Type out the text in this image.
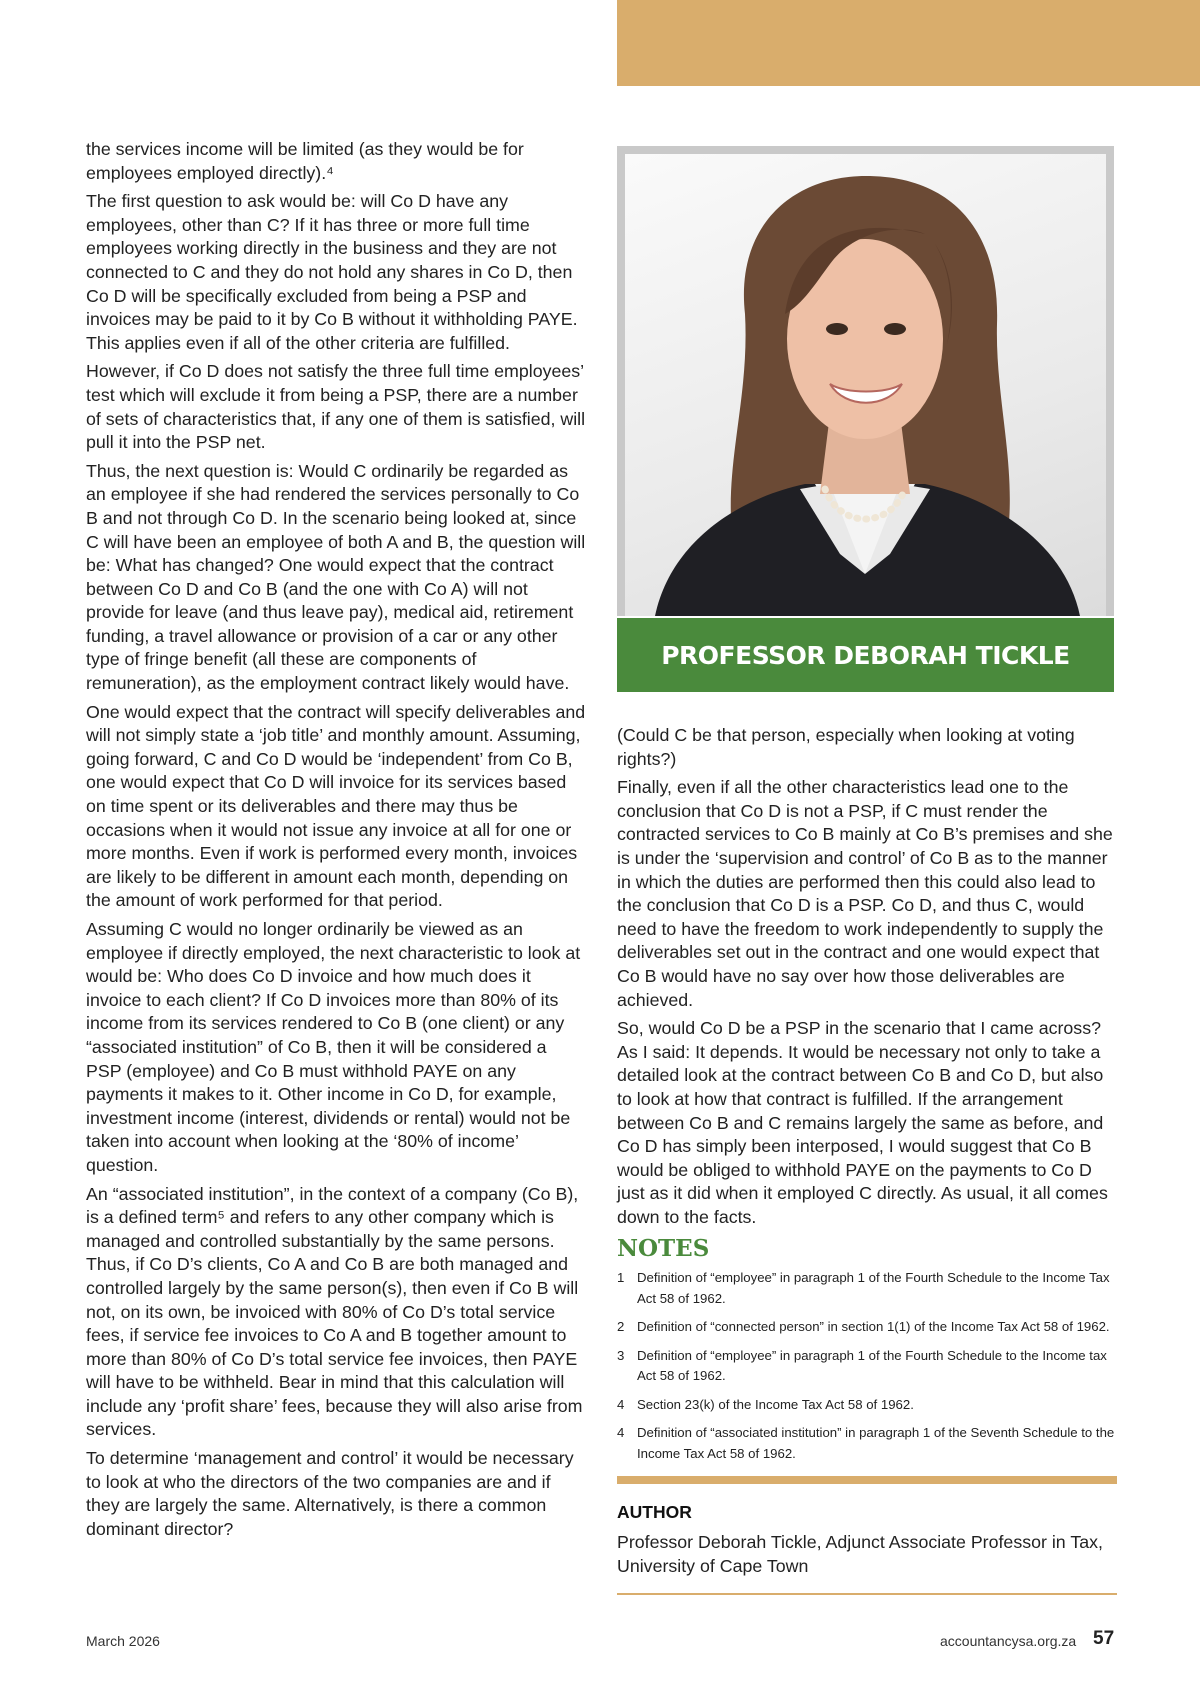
the services income will be limited (as they would be for employees employed directly).⁴

The first question to ask would be: will Co D have any employees, other than C? If it has three or more full time employees working directly in the business and they are not connected to C and they do not hold any shares in Co D, then Co D will be specifically excluded from being a PSP and invoices may be paid to it by Co B without it withholding PAYE. This applies even if all of the other criteria are fulfilled.

However, if Co D does not satisfy the three full time employees’ test which will exclude it from being a PSP, there are a number of sets of characteristics that, if any one of them is satisfied, will pull it into the PSP net.

Thus, the next question is: Would C ordinarily be regarded as an employee if she had rendered the services personally to Co B and not through Co D. In the scenario being looked at, since C will have been an employee of both A and B, the question will be: What has changed? One would expect that the contract between Co D and Co B (and the one with Co A) will not provide for leave (and thus leave pay), medical aid, retirement funding, a travel allowance or provision of a car or any other type of fringe benefit (all these are components of remuneration), as the employment contract likely would have.

One would expect that the contract will specify deliverables and will not simply state a ‘job title’ and monthly amount. Assuming, going forward, C and Co D would be ‘independent’ from Co B, one would expect that Co D will invoice for its services based on time spent or its deliverables and there may thus be occasions when it would not issue any invoice at all for one or more months. Even if work is performed every month, invoices are likely to be different in amount each month, depending on the amount of work performed for that period.

Assuming C would no longer ordinarily be viewed as an employee if directly employed, the next characteristic to look at would be: Who does Co D invoice and how much does it invoice to each client? If Co D invoices more than 80% of its income from its services rendered to Co B (one client) or any “associated institution” of Co B, then it will be considered a PSP (employee) and Co B must withhold PAYE on any payments it makes to it. Other income in Co D, for example, investment income (interest, dividends or rental) would not be taken into account when looking at the ‘80% of income’ question.

An “associated institution”, in the context of a company (Co B), is a defined term⁵ and refers to any other company which is managed and controlled substantially by the same persons. Thus, if Co D’s clients, Co A and Co B are both managed and controlled largely by the same person(s), then even if Co B will not, on its own, be invoiced with 80% of Co D’s total service fees, if service fee invoices to Co A and B together amount to more than 80% of Co D’s total service fee invoices, then PAYE will have to be withheld. Bear in mind that this calculation will include any ‘profit share’ fees, because they will also arise from services.

To determine ‘management and control’ it would be necessary to look at who the directors of the two companies are and if they are largely the same. Alternatively, is there a common dominant director?

PROFESSOR DEBORAH TICKLE

(Could C be that person, especially when looking at voting rights?)

Finally, even if all the other characteristics lead one to the conclusion that Co D is not a PSP, if C must render the contracted services to Co B mainly at Co B’s premises and she is under the ‘supervision and control’ of Co B as to the manner in which the duties are performed then this could also lead to the conclusion that Co D is a PSP. Co D, and thus C, would need to have the freedom to work independently to supply the deliverables set out in the contract and one would expect that Co B would have no say over how those deliverables are achieved.

So, would Co D be a PSP in the scenario that I came across? As I said: It depends. It would be necessary not only to take a detailed look at the contract between Co B and Co D, but also to look at how that contract is fulfilled. If the arrangement between Co B and C remains largely the same as before, and Co D has simply been interposed, I would suggest that Co B would be obliged to withhold PAYE on the payments to Co D just as it did when it employed C directly. As usual, it all comes down to the facts.

NOTES
1 Definition of “employee” in paragraph 1 of the Fourth Schedule to the Income Tax Act 58 of 1962.
2 Definition of “connected person” in section 1(1) of the Income Tax Act 58 of 1962.
3 Definition of “employee” in paragraph 1 of the Fourth Schedule to the Income tax Act 58 of 1962.
4 Section 23(k) of the Income Tax Act 58 of 1962.
4 Definition of “associated institution” in paragraph 1 of the Seventh Schedule to the Income Tax Act 58 of 1962.
AUTHOR

Professor Deborah Tickle, Adjunct Associate Professor in Tax, University of Cape Town

March 2026	accountancysa.org.za 57
